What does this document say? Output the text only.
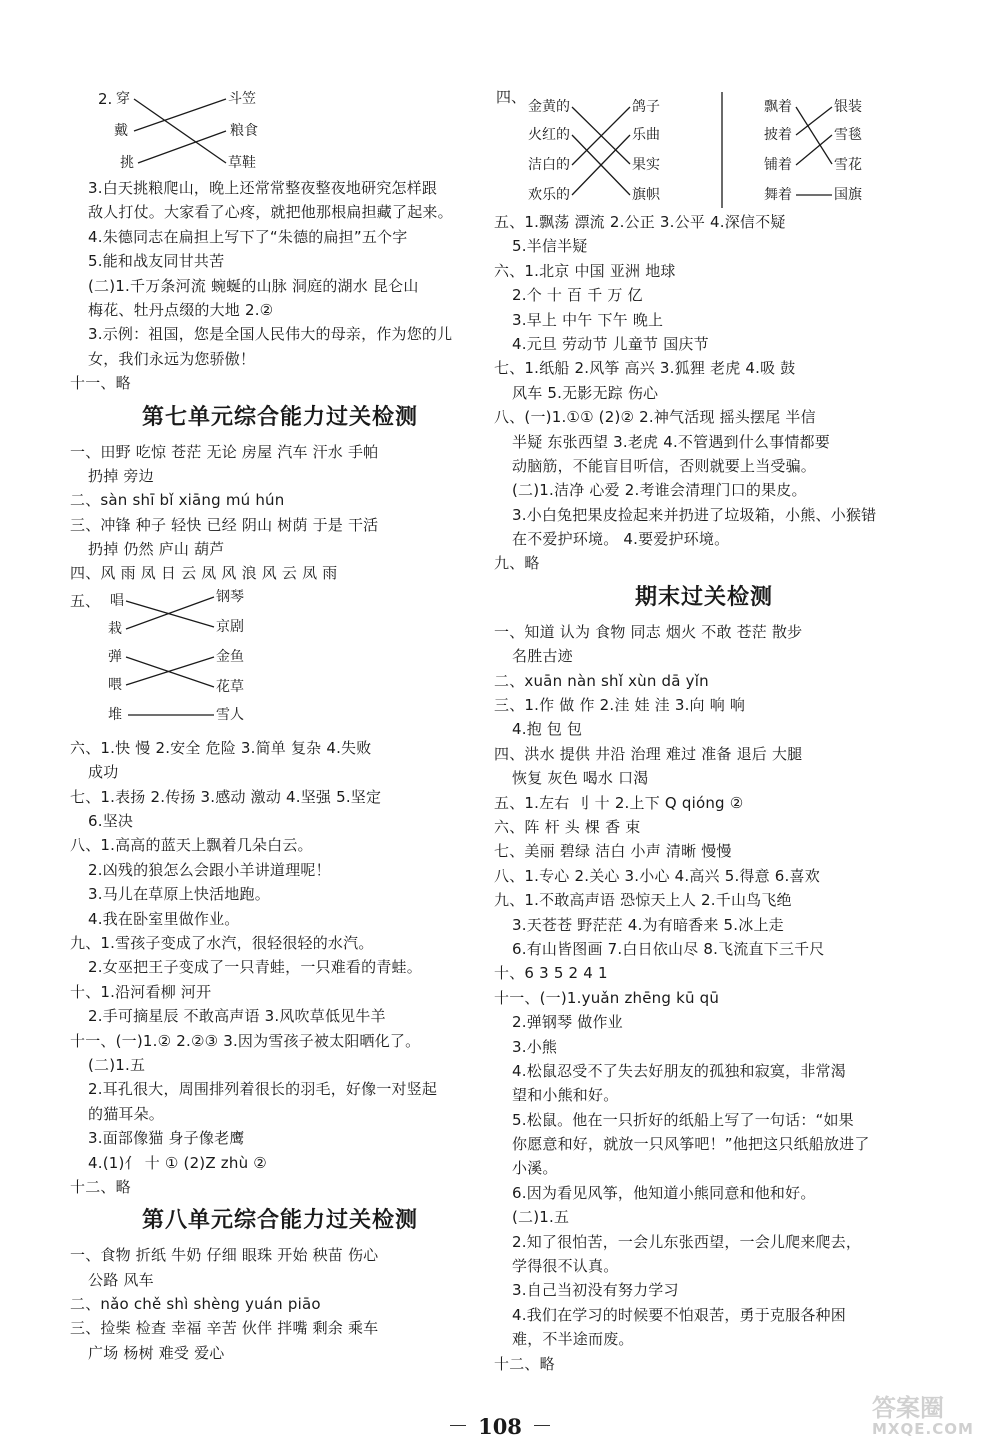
2. 穿
戴
挑
斗笠
粮食
草鞋
3.白天挑粮爬山，晚上还常常整夜整夜地研究怎样跟
敌人打仗。大家看了心疼，就把他那根扁担藏了起来。
4.朱德同志在扁担上写下了“朱德的扁担”五个字
5.能和战友同甘共苦
(二)1.千万条河流 蜿蜒的山脉 洞庭的湖水 昆仑山
梅花、牡丹点缀的大地 2.②
3.示例：祖国，您是全国人民伟大的母亲，作为您的儿
女，我们永远为您骄傲！
十一、略
第七单元综合能力过关检测
一、田野 吃惊 苍茫 无论 房屋 汽车 汗水 手帕
扔掉 旁边
二、sàn shī bǐ xiāng mú hún
三、冲锋 种子 轻快 已经 阴山 树荫 于是 干活
扔掉 仍然 庐山 葫芦
四、风 雨 凤 日 云 凤 风 浪 风 云 凤 雨
五、 唱
栽
弹
喂
堆
钢琴
京剧
金鱼
花草
雪人
六、1.快 慢 2.安全 危险 3.简单 复杂 4.失败
成功
七、1.表扬 2.传扬 3.感动 激动 4.坚强 5.坚定
6.坚决
八、1.高高的蓝天上飘着几朵白云。
2.凶残的狼怎么会跟小羊讲道理呢！
3.马儿在草原上快活地跑。
4.我在卧室里做作业。
九、1.雪孩子变成了水汽，很轻很轻的水汽。
2.女巫把王子变成了一只青蛙，一只难看的青蛙。
十、1.沿河看柳 河开
2.手可摘星辰 不敢高声语 3.风吹草低见牛羊
十一、(一)1.② 2.②③ 3.因为雪孩子被太阳晒化了。
(二)1.五
2.耳孔很大，周围排列着很长的羽毛，好像一对竖起
的猫耳朵。
3.面部像猫 身子像老鹰
4.(1)亻 十 ① (2)Z zhù ②
十二、略
第八单元综合能力过关检测
一、食物 折纸 牛奶 仔细 眼珠 开始 秧苗 伤心
公路 风车
二、nǎo chě shì shèng yuán piāo
三、捡柴 检查 幸福 辛苦 伙伴 拌嘴 剩余 乘车
广场 杨树 难受 爱心
四、
金黄的
火红的
洁白的
欢乐的
鸽子
乐曲
果实
旗帜
飘着
披着
铺着
舞着
银装
雪毯
雪花
国旗
五、1.飘荡 漂流 2.公正 3.公平 4.深信不疑
5.半信半疑
六、1.北京 中国 亚洲 地球
2.个 十 百 千 万 亿
3.早上 中午 下午 晚上
4.元旦 劳动节 儿童节 国庆节
七、1.纸船 2.风筝 高兴 3.狐狸 老虎 4.吸 鼓
风车 5.无影无踪 伤心
八、(一)1.①① (2)② 2.神气活现 摇头摆尾 半信
半疑 东张西望 3.老虎 4.不管遇到什么事情都要
动脑筋，不能盲目听信，否则就要上当受骗。
(二)1.洁净 心爱 2.考谁会清理门口的果皮。
3.小白兔把果皮捡起来并扔进了垃圾箱，小熊、小猴错
在不爱护环境。 4.要爱护环境。
九、略
期末过关检测
一、知道 认为 食物 同志 烟火 不敢 苍茫 散步
名胜古迹
二、xuān nàn shǐ xùn dā yǐn
三、1.作 做 作 2.洼 娃 洼 3.向 响 响
4.抱 包 包
四、洪水 提供 井沿 治理 难过 准备 退后 大腿
恢复 灰色 喝水 口渴
五、1.左右 刂 十 2.上下 Q qióng ②
六、阵 杆 头 棵 香 束
七、美丽 碧绿 洁白 小声 清晰 慢慢
八、1.专心 2.关心 3.小心 4.高兴 5.得意 6.喜欢
九、1.不敢高声语 恐惊天上人 2.千山鸟飞绝
3.天苍苍 野茫茫 4.为有暗香来 5.冰上走
6.有山皆图画 7.白日依山尽 8.飞流直下三千尺
十、6 3 5 2 4 1
十一、(一)1.yuǎn zhēng kū qū
2.弹钢琴 做作业
3.小熊
4.松鼠忍受不了失去好朋友的孤独和寂寞，非常渴
望和小熊和好。
5.松鼠。他在一只折好的纸船上写了一句话：“如果
你愿意和好，就放一只风筝吧！”他把这只纸船放进了
小溪。
6.因为看见风筝，他知道小熊同意和他和好。
(二)1.五
2.知了很怕苦，一会儿东张西望，一会儿爬来爬去，
学得很不认真。
3.自己当初没有努力学习
4.我们在学习的时候要不怕艰苦，勇于克服各种困
难，不半途而废。
十二、略
108
答案圈
MXQE.COM
